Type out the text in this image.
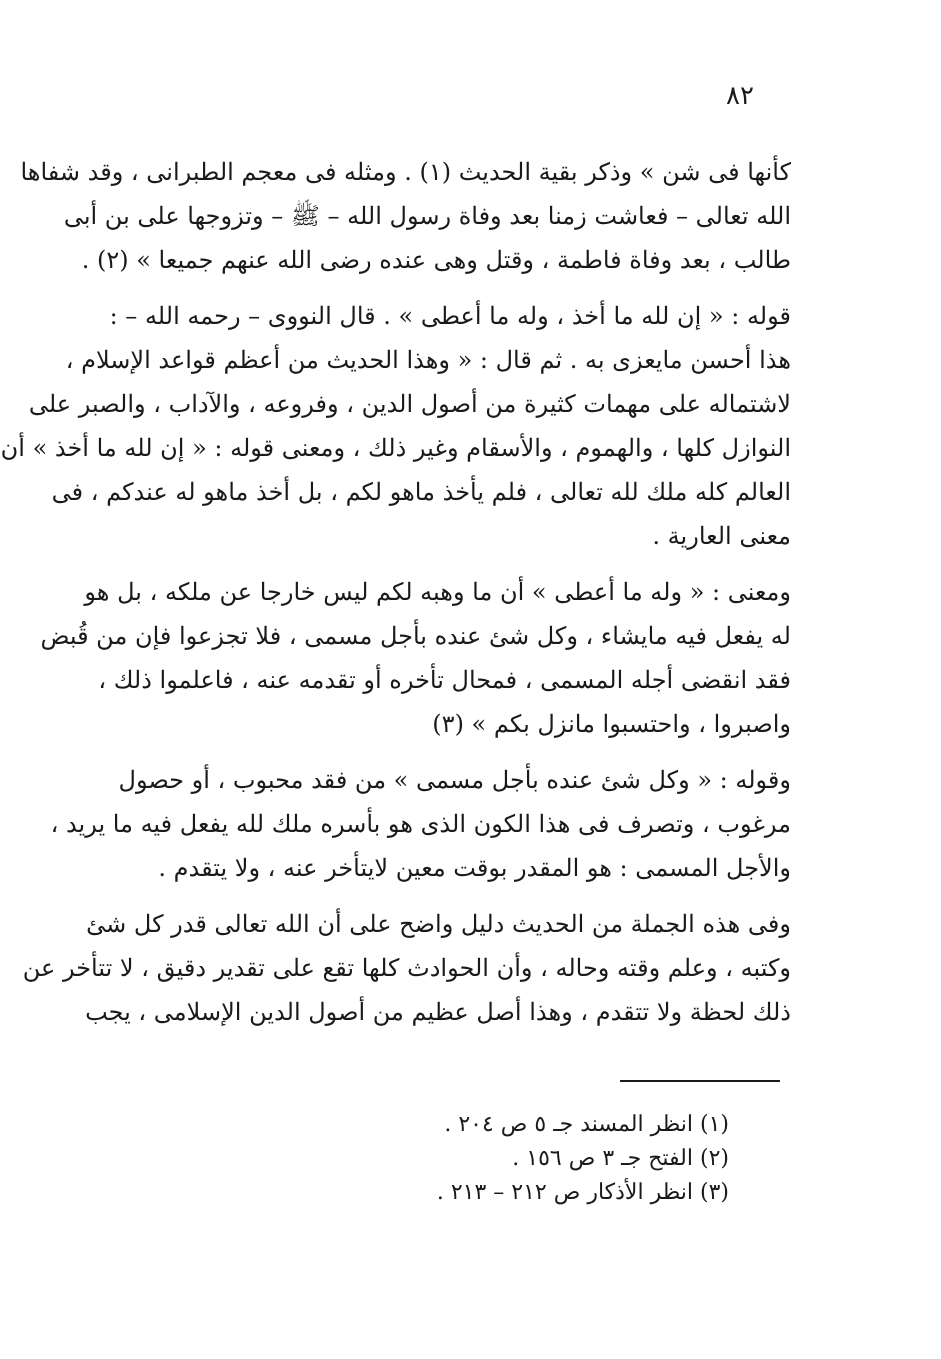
٨٢
كأنها فى شن » وذكر بقية الحديث (١) . ومثله فى معجم الطبرانى ، وقد شفاها
الله تعالى – فعاشت زمنا بعد وفاة رسول الله – ﷺ – وتزوجها على بن أبى
طالب ، بعد وفاة فاطمة ، وقتل وهى عنده رضى الله عنهم جميعا » (٢) .
قوله : « إن لله ما أخذ ، وله ما أعطى » . قال النووى – رحمه الله – :
هذا أحسن مايعزى به . ثم قال : « وهذا الحديث من أعظم قواعد الإسلام ،
لاشتماله على مهمات كثيرة من أصول الدين ، وفروعه ، والآداب ، والصبر على
النوازل كلها ، والهموم ، والأسقام وغير ذلك ، ومعنى قوله : « إن لله ما أخذ » أن
العالم كله ملك لله تعالى ، فلم يأخذ ماهو لكم ، بل أخذ ماهو له عندكم ، فى
معنى العارية .
ومعنى : « وله ما أعطى » أن ما وهبه لكم ليس خارجا عن ملكه ، بل هو
له يفعل فيه مايشاء ، وكل شئ عنده بأجل مسمى ، فلا تجزعوا فإن من قُبض
فقد انقضى أجله المسمى ، فمحال تأخره أو تقدمه عنه ، فاعلموا ذلك ،
واصبروا ، واحتسبوا مانزل بكم » (٣)
وقوله : « وكل شئ عنده بأجل مسمى » من فقد محبوب ، أو حصول
مرغوب ، وتصرف فى هذا الكون الذى هو بأسره ملك لله يفعل فيه ما يريد ،
والأجل المسمى : هو المقدر بوقت معين لايتأخر عنه ، ولا يتقدم .
وفى هذه الجملة من الحديث دليل واضح على أن الله تعالى قدر كل شئ
وكتبه ، وعلم وقته وحاله ، وأن الحوادث كلها تقع على تقدير دقيق ، لا تتأخر عن
ذلك لحظة ولا تتقدم ، وهذا أصل عظيم من أصول الدين الإسلامى ، يجب
(١) انظر المسند جـ ٥ ص ٢٠٤ .
(٢) الفتح جـ ٣ ص ١٥٦ .
(٣) انظر الأذكار ص ٢١٢ – ٢١٣ .
